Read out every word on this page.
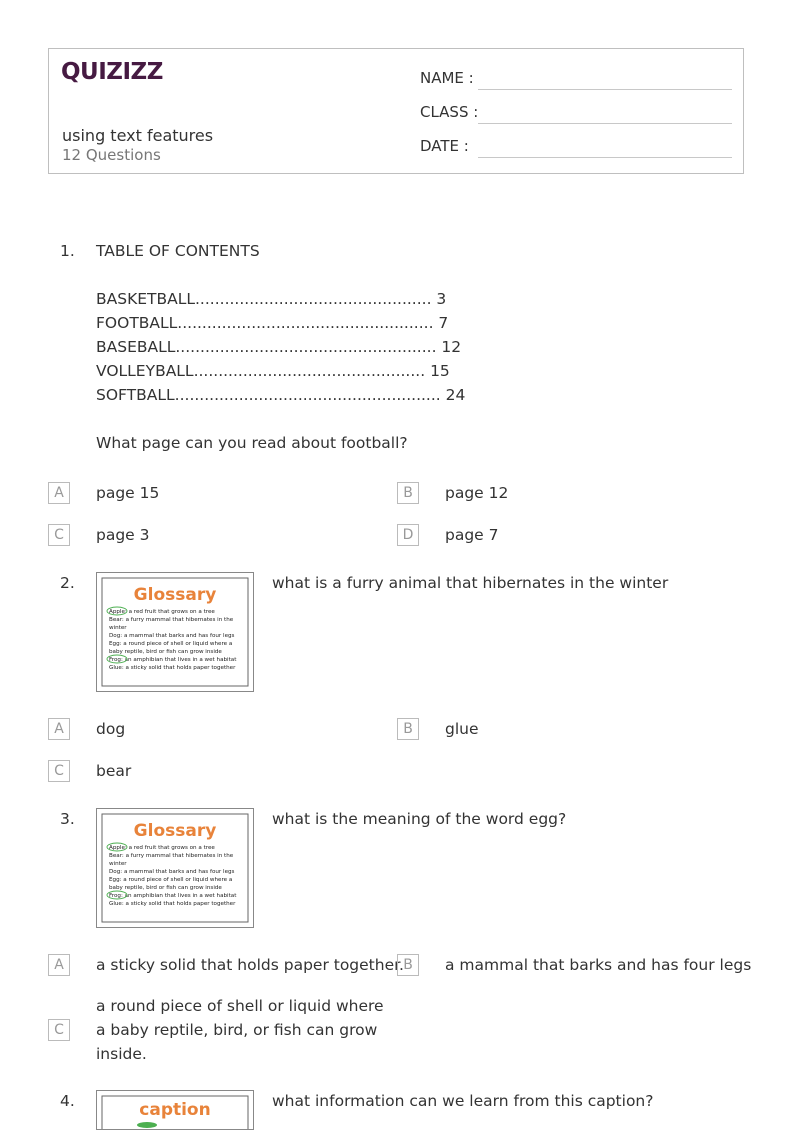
QUIZIZZ
using text features
12 Questions
NAME :
CLASS :
DATE :
1. TABLE OF CONTENTS
BASKETBALL................................................ 3
FOOTBALL.................................................... 7
BASEBALL..................................................... 12
VOLLEYBALL............................................... 15
SOFTBALL...................................................... 24
What page can you read about football?
A	page 15	B	page 12
C	page 3	D	page 7
2.
Glossary
Apple: a red fruit that grows on a tree
Bear: a furry mammal that hibernates in the
winter
Dog: a mammal that barks and has four legs
Egg: a round piece of shell or liquid where a
baby reptile, bird or fish can grow inside
Frog: an amphibian that lives in a wet habitat
Glue: a sticky solid that holds paper together
what is a furry animal that hibernates in the winter
A	dog	B	glue
C	bear
3.
Glossary
Apple: a red fruit that grows on a tree
Bear: a furry mammal that hibernates in the
winter
Dog: a mammal that barks and has four legs
Egg: a round piece of shell or liquid where a
baby reptile, bird or fish can grow inside
Frog: an amphibian that lives in a wet habitat
Glue: a sticky solid that holds paper together
what is the meaning of the word egg?
A	a sticky solid that holds paper together. B	a mammal that barks and has four legs
C
a round piece of shell or liquid where a baby reptile, bird, or fish can grow inside.
4.	caption	what information can we learn from this caption?
